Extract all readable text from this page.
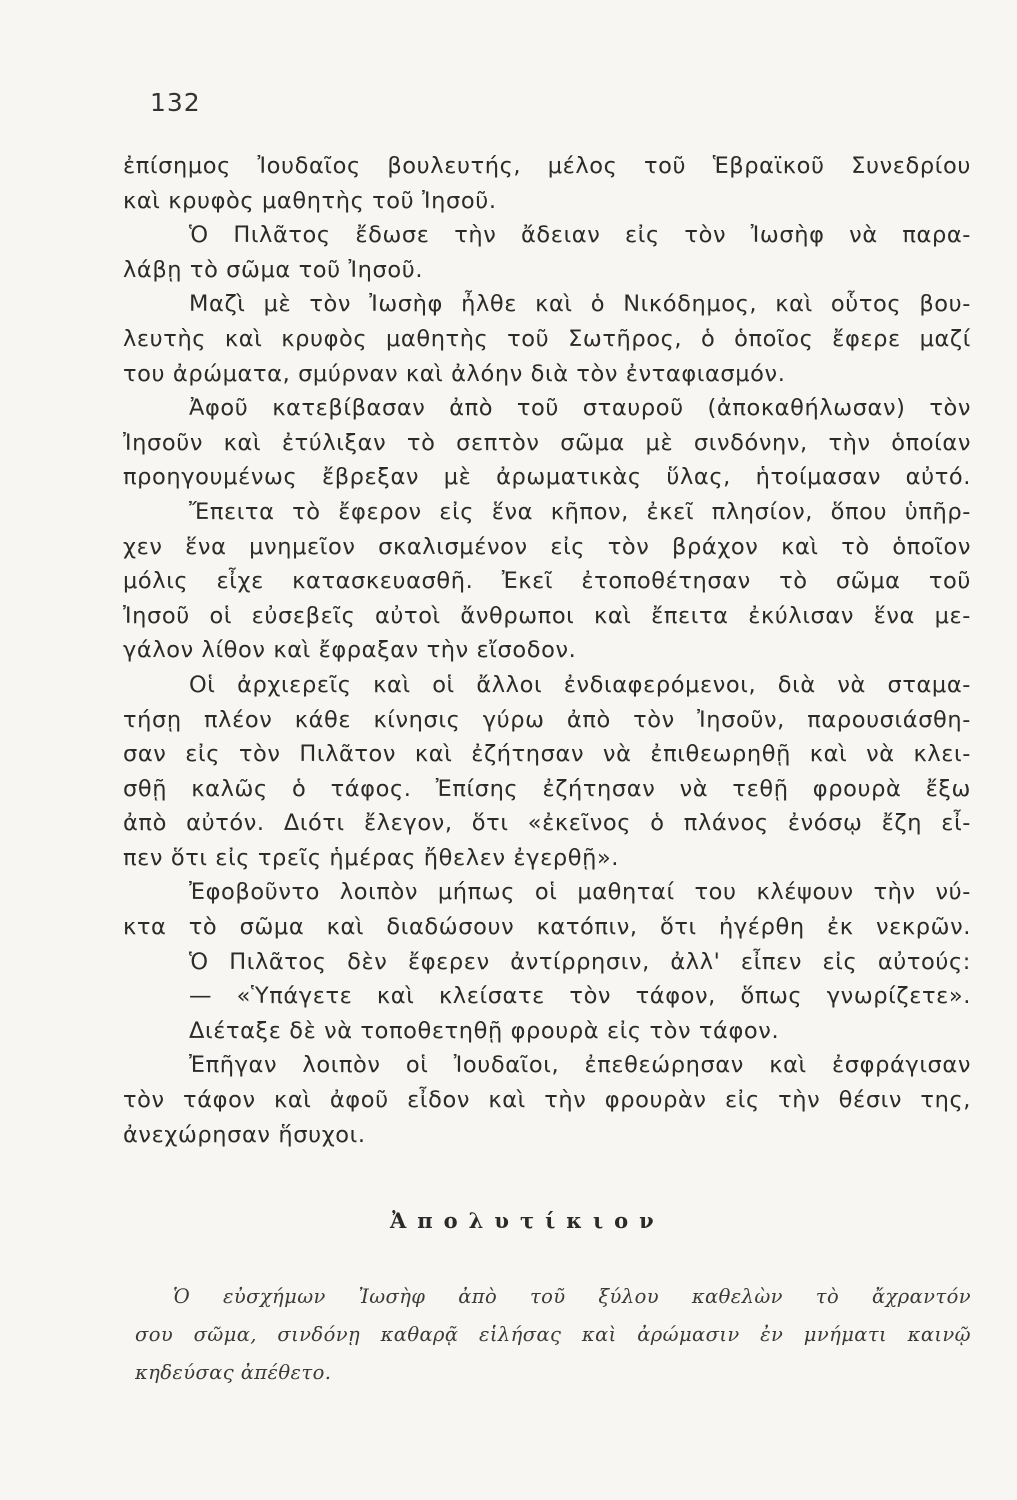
132
ἐπίσημος Ἰουδαῖος βουλευτής, μέλος τοῦ Ἑβραϊκοῦ Συνεδρίου
καὶ κρυφὸς μαθητὴς τοῦ Ἰησοῦ.
Ὁ Πιλᾶτος ἔδωσε τὴν ἄδειαν εἰς τὸν Ἰωσὴφ νὰ παρα-
λάβῃ τὸ σῶμα τοῦ Ἰησοῦ.
Μαζὶ μὲ τὸν Ἰωσὴφ ἦλθε καὶ ὁ Νικόδημος, καὶ οὗτος βου-
λευτὴς καὶ κρυφὸς μαθητὴς τοῦ Σωτῆρος, ὁ ὁποῖος ἔφερε μαζί
του ἀρώματα, σμύρναν καὶ ἀλόην διὰ τὸν ἐνταφιασμόν.
Ἀφοῦ κατεβίβασαν ἀπὸ τοῦ σταυροῦ (ἀποκαθήλωσαν) τὸν
Ἰησοῦν καὶ ἐτύλιξαν τὸ σεπτὸν σῶμα μὲ σινδόνην, τὴν ὁποίαν
προηγουμένως ἔβρεξαν μὲ ἀρωματικὰς ὕλας, ἡτοίμασαν αὐτό.
Ἔπειτα τὸ ἔφερον εἰς ἕνα κῆπον, ἐκεῖ πλησίον, ὅπου ὑπῆρ-
χεν ἕνα μνημεῖον σκαλισμένον εἰς τὸν βράχον καὶ τὸ ὁποῖον
μόλις εἶχε κατασκευασθῆ. Ἐκεῖ ἐτοποθέτησαν τὸ σῶμα τοῦ
Ἰησοῦ οἱ εὐσεβεῖς αὐτοὶ ἄνθρωποι καὶ ἔπειτα ἐκύλισαν ἕνα με-
γάλον λίθον καὶ ἔφραξαν τὴν εἴσοδον.
Οἱ ἀρχιερεῖς καὶ οἱ ἄλλοι ἐνδιαφερόμενοι, διὰ νὰ σταμα-
τήσῃ πλέον κάθε κίνησις γύρω ἀπὸ τὸν Ἰησοῦν, παρουσιάσθη-
σαν εἰς τὸν Πιλᾶτον καὶ ἐζήτησαν νὰ ἐπιθεωρηθῇ καὶ νὰ κλει-
σθῇ καλῶς ὁ τάφος. Ἐπίσης ἐζήτησαν νὰ τεθῇ φρουρὰ ἔξω
ἀπὸ αὐτόν. Διότι ἔλεγον, ὅτι «ἐκεῖνος ὁ πλάνος ἐνόσῳ ἔζη εἶ-
πεν ὅτι εἰς τρεῖς ἡμέρας ἤθελεν ἐγερθῇ».
Ἐφοβοῦντο λοιπὸν μήπως οἱ μαθηταί του κλέψουν τὴν νύ-
κτα τὸ σῶμα καὶ διαδώσουν κατόπιν, ὅτι ἠγέρθη ἐκ νεκρῶν.
Ὁ Πιλᾶτος δὲν ἔφερεν ἀντίρρησιν, ἀλλ' εἶπεν εἰς αὐτούς:
— «Ὑπάγετε καὶ κλείσατε τὸν τάφον, ὅπως γνωρίζετε».
Διέταξε δὲ νὰ τοποθετηθῇ φρουρὰ εἰς τὸν τάφον.
Ἐπῆγαν λοιπὸν οἱ Ἰουδαῖοι, ἐπεθεώρησαν καὶ ἐσφράγισαν
τὸν τάφον καὶ ἀφοῦ εἶδον καὶ τὴν φρουρὰν εἰς τὴν θέσιν της,
ἀνεχώρησαν ἥσυχοι.
Ἀπολυτίκιον
Ὁ εὐσχήμων Ἰωσὴφ ἀπὸ τοῦ ξύλου καθελὼν τὸ ἄχραντόν
σου σῶμα, σινδόνῃ καθαρᾷ εἱλήσας καὶ ἀρώμασιν ἐν μνήματι καινῷ
κηδεύσας ἀπέθετο.
